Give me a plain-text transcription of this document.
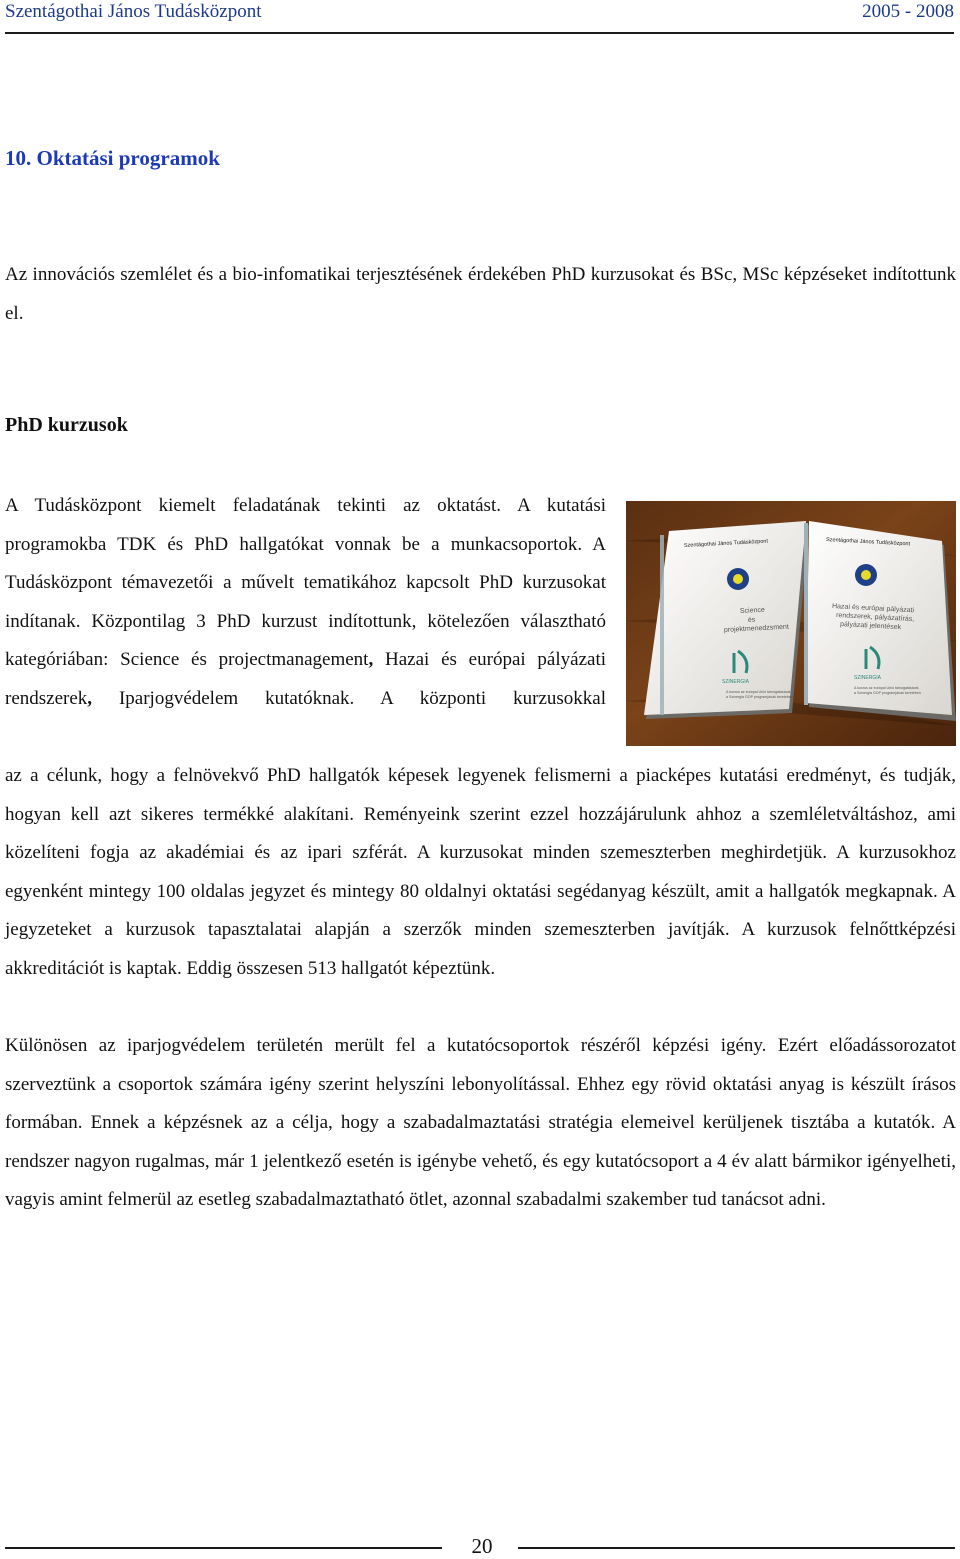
Szentágothai János Tudásközpont	2005 - 2008
10. Oktatási programok

Az innovációs szemlélet és a bio-infomatikai terjesztésének érdekében PhD kurzusokat és BSc, MSc képzéseket indítottunk el.

PhD kurzusok

A Tudásközpont kiemelt feladatának tekinti az oktatást. A kutatási programokba TDK és PhD hallgatókat vonnak be a munkacsoportok. A Tudásközpont témavezetői a művelt tematikához kapcsolt PhD kurzusokat indítanak. Központilag 3 PhD kurzust indítottunk, kötelezően választható kategóriában: Science és projectmanagement, Hazai és európai pályázati rendszerek, Iparjogvédelem kutatóknak. A központi kurzusokkal

Szentágothai János Tudásközpont
Science
és
projektmenedzsment
SZINERGIA
A kurzus az európai Unió támogatásával,
a Szinergia GOP programjának keretében
Szentágothai János Tudásközpont
Hazai és európai pályázati
rendszerek, pályázatírás,
pályázati jelentések
SZINERGIA
A kurzus az európai Unió támogatásával,
a Szinergia GOP programjának keretében

az a célunk, hogy a felnövekvő PhD hallgatók képesek legyenek felismerni a piacképes kutatási eredményt, és tudják, hogyan kell azt sikeres termékké alakítani. Reményeink szerint ezzel hozzájárulunk ahhoz a szemléletváltáshoz, ami közelíteni fogja az akadémiai és az ipari szférát. A kurzusokat minden szemeszterben meghirdetjük. A kurzusokhoz egyenként mintegy 100 oldalas jegyzet és mintegy 80 oldalnyi oktatási segédanyag készült, amit a hallgatók megkapnak. A jegyzeteket a kurzusok tapasztalatai alapján a szerzők minden szemeszterben javítják. A kurzusok felnőttképzési akkreditációt is kaptak. Eddig összesen 513 hallgatót képeztünk.

Különösen az iparjogvédelem területén merült fel a kutatócsoportok részéről képzési igény. Ezért előadássorozatot szerveztünk a csoportok számára igény szerint helyszíni lebonyolítással. Ehhez egy rövid oktatási anyag is készült írásos formában. Ennek a képzésnek az a célja, hogy a szabadalmaztatási stratégia elemeivel kerüljenek tisztába a kutatók. A rendszer nagyon rugalmas, már 1 jelentkező esetén is igénybe vehető, és egy kutatócsoport a 4 év alatt bármikor igényelheti, vagyis amint felmerül az esetleg szabadalmaztatható ötlet, azonnal szabadalmi szakember tud tanácsot adni.

20
